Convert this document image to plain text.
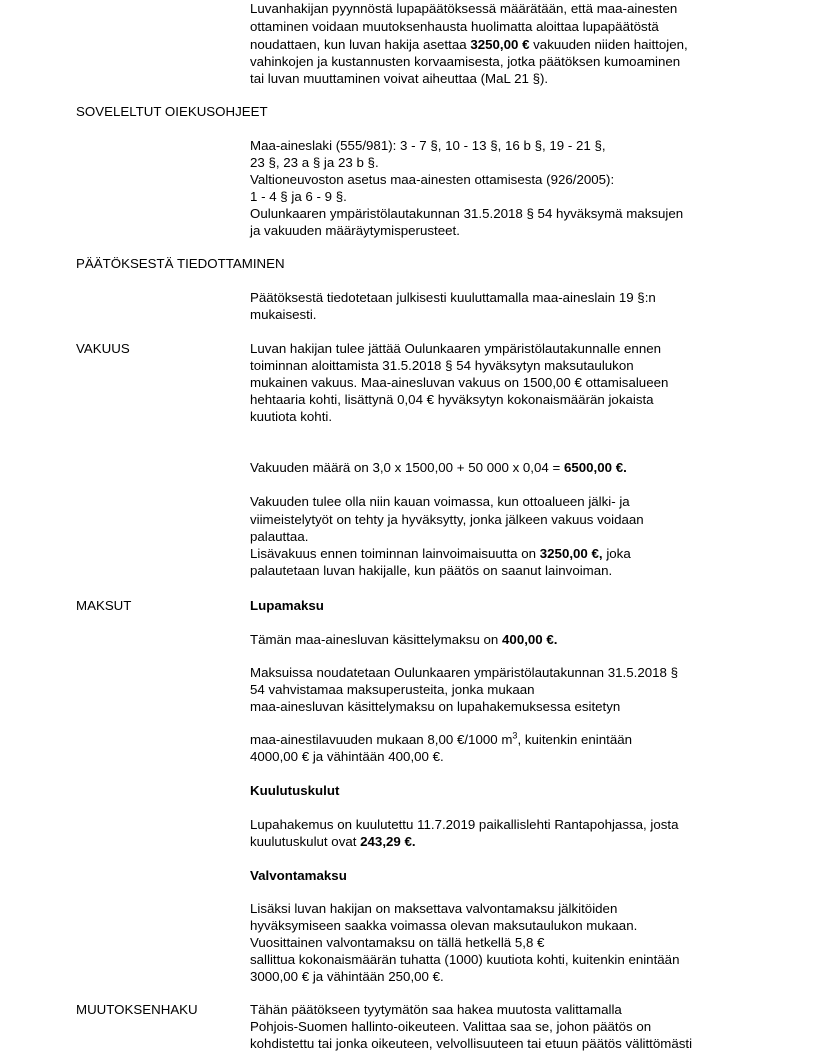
Luvanhakijan pyynnöstä lupapäätöksessä määrätään, että maa-ainesten
ottaminen voidaan muutoksenhausta huolimatta aloittaa lupapäätöstä
noudattaen, kun luvan hakija asettaa 3250,00 € vakuuden niiden haittojen,
vahinkojen ja kustannusten korvaamisesta, jotka päätöksen kumoaminen
tai luvan muuttaminen voivat aiheuttaa (MaL 21 §).
SOVELELTUT OIEKUSOHJEET
Maa-aineslaki (555/981): 3 - 7 §, 10 - 13 §, 16 b §, 19 - 21 §,
23 §, 23 a § ja 23 b §.
Valtioneuvoston asetus maa-ainesten ottamisesta (926/2005):
1 - 4 § ja 6 - 9 §.
Oulunkaaren ympäristölautakunnan 31.5.2018 § 54 hyväksymä maksujen
ja vakuuden määräytymisperusteet.
PÄÄTÖKSESTÄ TIEDOTTAMINEN
Päätöksestä tiedotetaan julkisesti kuuluttamalla maa-aineslain 19 §:n
mukaisesti.
VAKUUS	Luvan hakijan tulee jättää Oulunkaaren ympäristölautakunnalle ennen
toiminnan aloittamista 31.5.2018 § 54 hyväksytyn maksutaulukon
mukainen vakuus. Maa-ainesluvan vakuus on 1500,00 € ottamisalueen
hehtaaria kohti, lisättynä 0,04 € hyväksytyn kokonaismäärän jokaista
kuutiota kohti.
Vakuuden määrä on 3,0 x 1500,00 + 50 000 x 0,04 = 6500,00 €.
Vakuuden tulee olla niin kauan voimassa, kun ottoalueen jälki- ja
viimeistelytyöt on tehty ja hyväksytty, jonka jälkeen vakuus voidaan
palauttaa.
Lisävakuus ennen toiminnan lainvoimaisuutta on 3250,00 €, joka
palautetaan luvan hakijalle, kun päätös on saanut lainvoiman.
MAKSUT	Lupamaksu
Tämän maa-ainesluvan käsittelymaksu on 400,00 €.
Maksuissa noudatetaan Oulunkaaren ympäristölautakunnan 31.5.2018 §
54 vahvistamaa maksuperusteita, jonka mukaan
maa-ainesluvan käsittelymaksu on lupahakemuksessa esitetyn
maa-ainestilavuuden mukaan 8,00 €/1000 $m^3$, kuitenkin enintään
4000,00 € ja vähintään 400,00 €.
Kuulutuskulut
Lupahakemus on kuulutettu 11.7.2019 paikallislehti Rantapohjassa, josta
kuulutuskulut ovat 243,29 €.
Valvontamaksu
Lisäksi luvan hakijan on maksettava valvontamaksu jälkitöiden
hyväksymiseen saakka voimassa olevan maksutaulukon mukaan.
Vuosittainen valvontamaksu on tällä hetkellä 5,8 €
sallittua kokonaismäärän tuhatta (1000) kuutiota kohti, kuitenkin enintään
3000,00 € ja vähintään 250,00 €.
MUUTOKSENHAKU	Tähän päätökseen tyytymätön saa hakea muutosta valittamalla
Pohjois-Suomen hallinto-oikeuteen. Valittaa saa se, johon päätös on
kohdistettu tai jonka oikeuteen, velvollisuuteen tai etuun päätös välittömästi
